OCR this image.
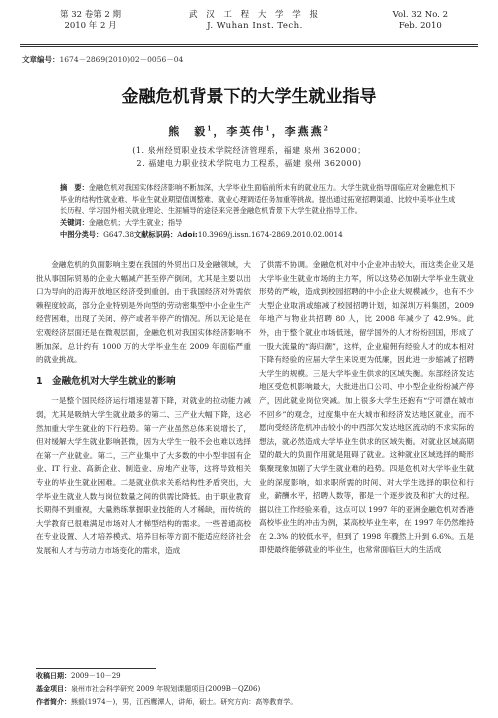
第 32 卷第 2 期
2010 年 2 月
武 汉 工 程 大 学 学 报
J. Wuhan Inst. Tech.
Vol. 32 No. 2
Feb. 2010
文章编号：1674－2869(2010)02－0056－04
金融危机背景下的大学生就业指导
熊　毅$^1$，李英伟$^1$，李燕燕$^2$
(1. 泉州经贸职业技术学院经济管理系，福建 泉州 362000；
2. 福建电力职业技术学院电力工程系，福建 泉州 362000)
摘　要：金融危机对我国实体经济影响不断加深，大学毕业生面临前所未有的就业压力。大学生就业指导面临应对金融危机下毕业的结构性就业难、毕业生就业期望值调整难、就业心理调适任务加重等挑战。提出通过拓宽招聘渠道、比较中美毕业生成长历程、学习国外相关就业理论、生涯辅导的途径来完善金融危机背景下大学生就业指导工作。
关键词：金融危机；大学生就业；指导
中图分类号：G647.38文献标识码：Adoi:10.3969/j.issn.1674-2869.2010.02.0014

金融危机的负面影响主要在我国的外贸出口及金融领域，大批从事国际贸易的企业大幅减产甚至停产倒闭，尤其是主要以出口为导向的沿海开放地区经济受到重创。由于我国经济对外需依赖程度较高，部分企业特别是外向型的劳动密集型中小企业生产经营困难，出现了关闭、停产或者半停产的情况。所以无论是在宏观经济层面还是在微观层面，金融危机对我国实体经济影响不断加深。总计约有 1000 万的大学毕业生在 2009 年面临严重的就业挑战。

1　金融危机对大学生就业的影响

一是整个国民经济运行增速显著下降，对就业的拉动能力减弱，尤其是吸纳大学生就业最多的第二、三产业大幅下降，这必然加重大学生就业的下行趋势。第一产业虽然总体来说增长了，但对缓解大学生就业影响甚微，因为大学生一般不会也难以选择在第一产业就业。第二，三产业集中了大多数的中小型非国有企业、IT 行业、高新企业、制造业、房地产业等，这将导致相关专业的毕业生就业困难。二是就业供求关系结构性矛盾突出，大学毕业生就业人数与岗位数量之间的供需比降低。由于职业教育长期得不到重视，大量熟练掌握职业技能的人才稀缺，而传统的大学教育已很难满足市场对人才梯型结构的需求。一些普通高校在专业设置、人才培养模式、培养目标等方面不能适应经济社会发展和人才与劳动力市场变化的需求，造成

了供需不协调。金融危机对中小企业冲击较大，而这类企业又是大学毕业生就业市场的主力军，所以这势必加剧大学毕业生就业形势的严峻，造成到校园招聘的中小企业大规模减少，也有不少大型企业取消或缩减了校园招聘计划，如深圳万科集团，2009 年地产与物业共招聘 80 人，比 2008 年减少了 42.9%。此外，由于整个就业市场低迷，留学国外的人才纷纷回国，形成了一股大流量的“海归潮”，这样，企业雇佣有经验人才的成本相对下降有经验的应届大学生来说更为低廉，因此进一步缩减了招聘大学生的规模。三是大学毕业生供求的区域失衡。东部经济发达地区受危机影响最大，大批进出口公司、中小型企业纷纷减产停产，因此就业岗位突减。加上很多大学生还抱有“宁可漂在城市不回乡”的观念，过度集中在大城市和经济发达地区就业，而不愿向受经济危机冲击较小的中西部欠发达地区流动的不求实际的想法，就必然造成大学毕业生供求的区域失衡。对就业区域高期望的最大的负面作用就是阻碍了就业。这种就业区域选择的畸形集聚现象加剧了大学生就业难的趋势。四是危机对大学毕业生就业的深度影响，如求职所需的时间、对大学生选择的职位和行业，薪酬水平，招聘人数等，都是一个逐步波及和扩大的过程。据以往工作经验来看，这点可以 1997 年的亚洲金融危机对香港高校毕业生的冲击为例，某高校毕业生率，在 1997 年仍然维持在 2.3% 的较低水平，但到了 1998 年骤然上升到 6.6%。五是即使最终能够就业的毕业生，也常常面临巨大的生活成

收稿日期：2009－10－29
基金项目：泉州市社会科学研究 2009 年规划课题项目(2009B－QZ06)
作者简介：熊毅(1974－)，男，江西鹰潭人，讲师，硕士。研究方向：高等教育学。
